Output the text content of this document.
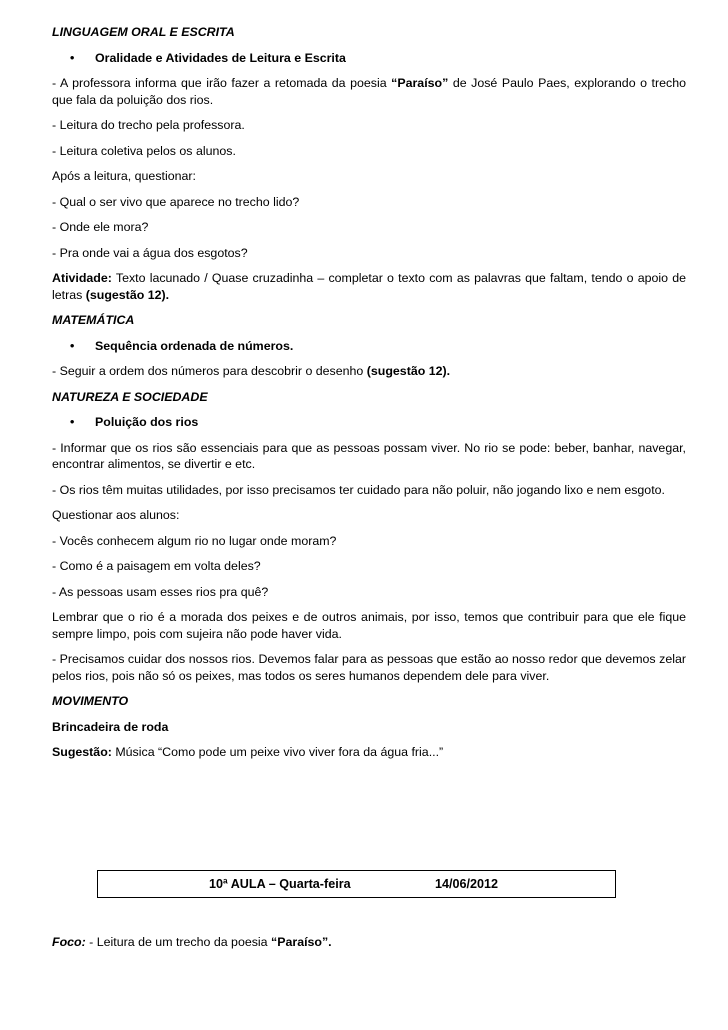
LINGUAGEM ORAL E ESCRITA
•	Oralidade e Atividades de Leitura e Escrita

- A professora informa que irão fazer a retomada da poesia “Paraíso” de José Paulo Paes, explorando o trecho que fala da poluição dos rios.

- Leitura do trecho pela professora.

- Leitura coletiva pelos os alunos.

Após a leitura, questionar:

- Qual o ser vivo que aparece no trecho lido?

- Onde ele mora?

- Pra onde vai a água dos esgotos?

Atividade: Texto lacunado / Quase cruzadinha – completar o texto com as palavras que faltam, tendo o apoio de letras (sugestão 12).

MATEMÁTICA
•	Sequência ordenada de números.

- Seguir a ordem dos números para descobrir o desenho (sugestão 12).

NATUREZA E SOCIEDADE
•	Poluição dos rios

- Informar que os rios são essenciais para que as pessoas possam viver. No rio se pode: beber, banhar, navegar, encontrar alimentos, se divertir e etc.

- Os rios têm muitas utilidades, por isso precisamos ter cuidado para não poluir, não jogando lixo e nem esgoto.

Questionar aos alunos:

- Vocês conhecem algum rio no lugar onde moram?

- Como é a paisagem em volta deles?

- As pessoas usam esses rios pra quê?

Lembrar que o rio é a morada dos peixes e de outros animais, por isso, temos que contribuir para que ele fique sempre limpo, pois com sujeira não pode haver vida.

- Precisamos cuidar dos nossos rios. Devemos falar para as pessoas que estão ao nosso redor que devemos zelar pelos rios, pois não só os peixes, mas todos os seres humanos dependem dele para viver.

MOVIMENTO

Brincadeira de roda

Sugestão: Música “Como pode um peixe vivo viver fora da água fria...”

10ª AULA – Quarta-feira	14/06/2012
Foco: - Leitura de um trecho da poesia “Paraíso”.
